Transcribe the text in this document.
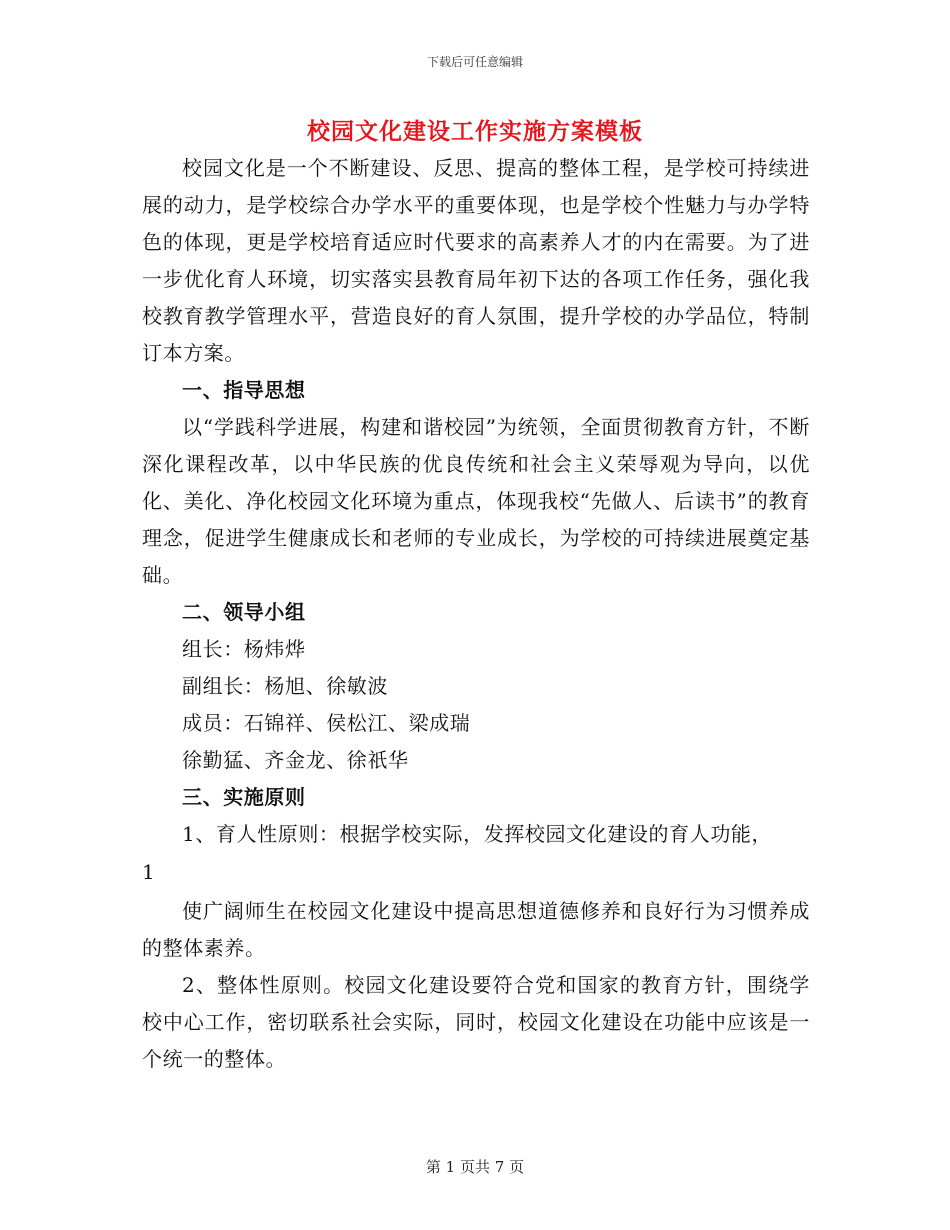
下载后可任意编辑
校园文化建设工作实施方案模板

校园文化是一个不断建设、反思、提高的整体工程，是学校可持续进展的动力，是学校综合办学水平的重要体现，也是学校个性魅力与办学特色的体现，更是学校培育适应时代要求的高素养人才的内在需要。为了进一步优化育人环境，切实落实县教育局年初下达的各项工作任务，强化我校教育教学管理水平，营造良好的育人氛围，提升学校的办学品位，特制订本方案。

一、指导思想

以“学践科学进展，构建和谐校园”为统领，全面贯彻教育方针，不断深化课程改革，以中华民族的优良传统和社会主义荣辱观为导向，以优化、美化、净化校园文化环境为重点，体现我校“先做人、后读书”的教育理念，促进学生健康成长和老师的专业成长，为学校的可持续进展奠定基础。

二、领导小组

组长：杨炜烨

副组长：杨旭、徐敏波

成员：石锦祥、侯松江、梁成瑞

徐勤猛、齐金龙、徐祇华

三、实施原则

1、育人性原则：根据学校实际，发挥校园文化建设的育人功能，

1

使广阔师生在校园文化建设中提高思想道德修养和良好行为习惯养成的整体素养。

2、整体性原则。校园文化建设要符合党和国家的教育方针，围绕学校中心工作，密切联系社会实际，同时，校园文化建设在功能中应该是一个统一的整体。

第 1 页共 7 页
